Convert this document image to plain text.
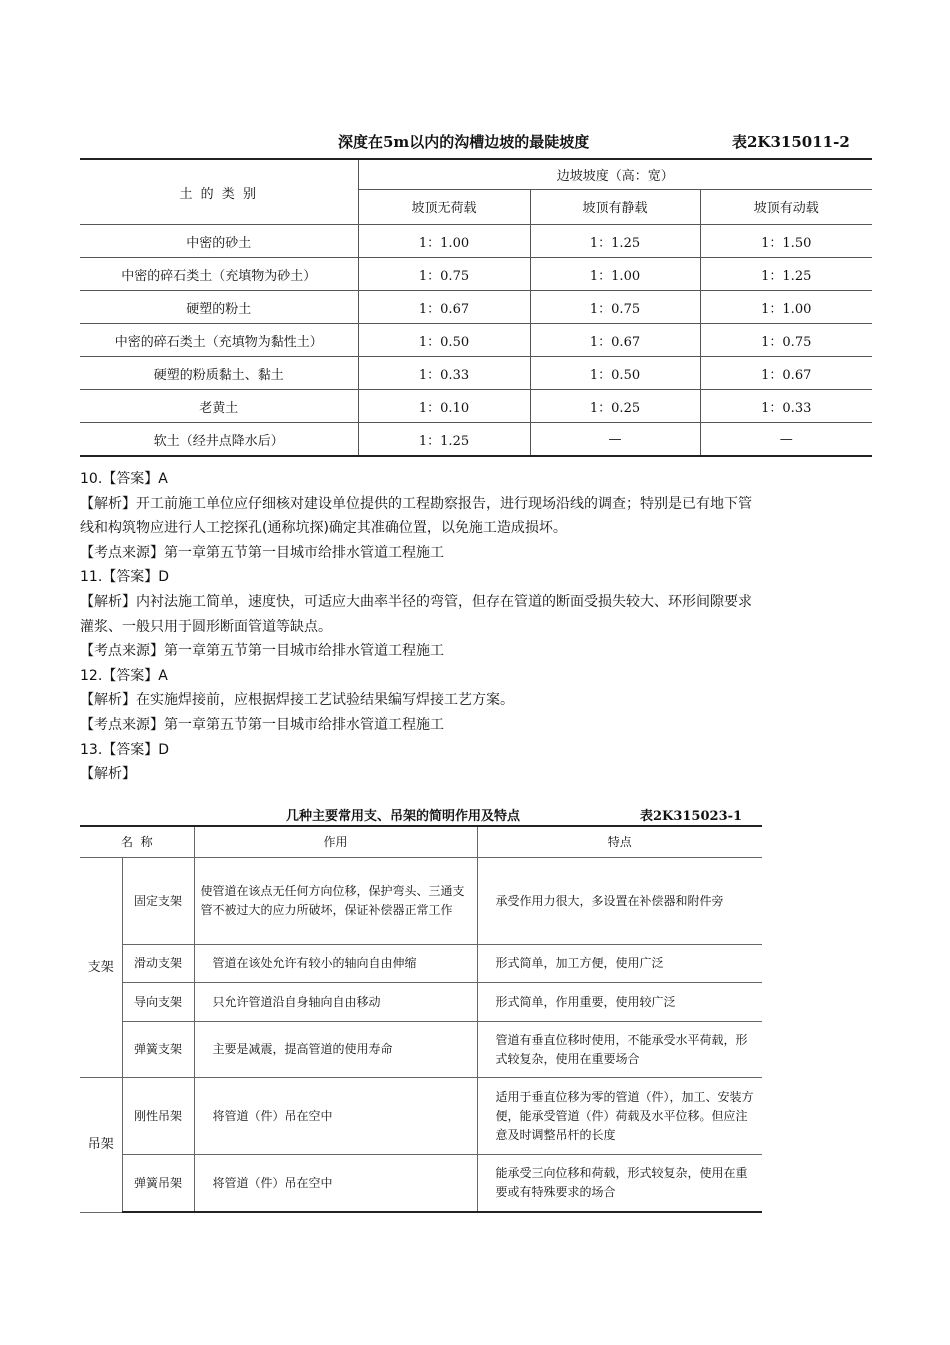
深度在5m以内的沟槽边坡的最陡坡度	表2K315011-2
土 的 类 别	边坡坡度（高：宽）		
	坡顶无荷载	坡顶有静载	坡顶有动载
中密的砂土	1：1.00	1：1.25	1：1.50
中密的碎石类土（充填物为砂土）	1：0.75	1：1.00	1：1.25
硬塑的粉土	1：0.67	1：0.75	1：1.00
中密的碎石类土（充填物为黏性土）	1：0.50	1：0.67	1：0.75
硬塑的粉质黏土、黏土	1：0.33	1：0.50	1：0.67
老黄土	1：0.10	1：0.25	1：0.33
软土（经井点降水后）	1：1.25	—	—

10.【答案】A

【解析】开工前施工单位应仔细核对建设单位提供的工程勘察报告，进行现场沿线的调查；特别是已有地下管

线和构筑物应进行人工挖探孔(通称坑探)确定其准确位置，以免施工造成损坏。

【考点来源】第一章第五节第一目城市给排水管道工程施工

11.【答案】D

【解析】内衬法施工简单，速度快，可适应大曲率半径的弯管，但存在管道的断面受损失较大、环形间隙要求

灌浆、一般只用于圆形断面管道等缺点。

【考点来源】第一章第五节第一目城市给排水管道工程施工

12.【答案】A

【解析】在实施焊接前，应根据焊接工艺试验结果编写焊接工艺方案。

【考点来源】第一章第五节第一目城市给排水管道工程施工

13.【答案】D

【解析】

几种主要常用支、吊架的简明作用及特点	表2K315023-1
名  称		作用	特点
支架	固定支架	使管道在该点无任何方向位移，保护弯头、三通支管不被过大的应力所破坏，保证补偿器正常工作	承受作用力很大，多设置在补偿器和附件旁
	滑动支架	管道在该处允许有较小的轴向自由伸缩	形式简单，加工方便，使用广泛
	导向支架	只允许管道沿自身轴向自由移动	形式简单，作用重要，使用较广泛
	弹簧支架	主要是减震，提高管道的使用寿命	管道有垂直位移时使用，不能承受水平荷载，形式较复杂，使用在重要场合
吊架	刚性吊架	将管道（件）吊在空中	适用于垂直位移为零的管道（件），加工、安装方便，能承受管道（件）荷载及水平位移。但应注意及时调整吊杆的长度
	弹簧吊架	将管道（件）吊在空中	能承受三向位移和荷载，形式较复杂，使用在重要或有特殊要求的场合
